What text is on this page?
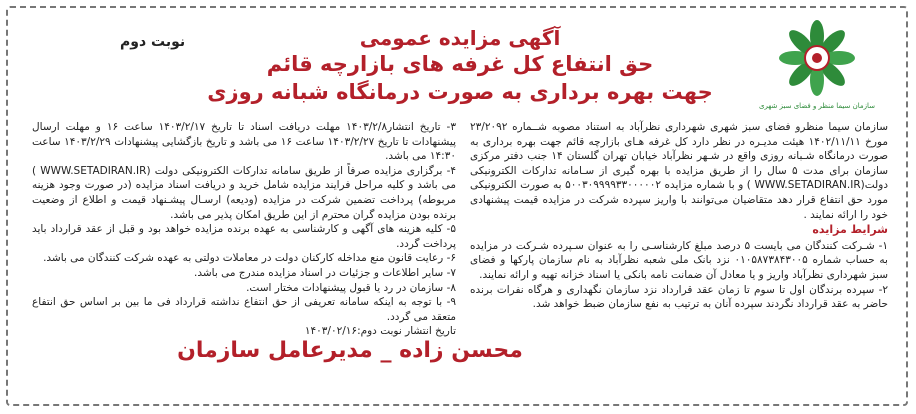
نوبت دوم
سازمان سیما منظر و فضای سبز شهری
آگهی مزایده عمومی
حق انتفاع کل غرفه های بازارچه قائم
جهت بهره برداری به صورت درمانگاه شبانه روزی

سازمان سیما منظرو فضای سبز شهری شهرداری نظرآباد به استناد مصوبه شــماره ۲۳/۲۰۹۲ مورخ ۱۴۰۲/۱۱/۱۱ هیئت مدیـره در نظر دارد کل غرفه هـای بازارچه قائم جهت بهره برداری به صورت درمانگاه شـبانه روزی واقع در شـهر نظرآباد خیابان تهران گلستان ۱۴ جنب دفتر مرکزی سازمان برای مدت ۵ سال را از طریق مزایده با بهره گیری از سـامانه تدارکات الکترونیکی دولت(WWW.SETADIRAN.IR ) و با شماره مزایده ۵۰۰۳۰۹۹۹۹۳۳۰۰۰۰۰۲ به صورت الکترونیکی مورد حق انتفاع قرار دهد متقاضیان می‌توانند با واریز سپرده شرکت در مزایده قیمت پیشنهادی خود را ارائه نمایند .

شرایط مزایده

۱- شـرکت کنندگان می بایست ۵ درصد مبلغ کارشناسـی را به عنوان سـپرده شـرکت در مزایده به حساب شماره ۰۱۰۵۸۷۳۸۴۳۰۰۵ نزد بانک ملی شعبه نظرآباد به نام سازمان پارکها و فضای سبز شهرداری نظرآباد واریز و یا معادل آن ضمانت نامه بانکی یا اسناد خزانه تهیه و ارائه نمایند.

۲- سپرده برندگان اول تا سوم تا زمان عقد قرارداد نزد سازمان نگهداری و هرگاه نفرات برنده حاضر به عقد قرارداد نگردند سپرده آنان به ترتیب به نفع سازمان ضبط خواهد شد.

۳- تاریخ انتشار۱۴۰۳/۲/۸ مهلت دریافت اسناد تا تاریخ ۱۴۰۳/۲/۱۷ ساعت ۱۶ و مهلت ارسال پیشنهادات تا تاریخ ۱۴۰۳/۲/۲۷ ساعت ۱۶ می باشد و تاریخ بازگشایی پیشنهادات ۱۴۰۳/۲/۲۹ ساعت ۱۴:۳۰ می باشد.

۴- برگزاری مزایده صرفاً از طریق سامانه تدارکات الکترونیکی دولت (WWW.SETADIRAN.IR ) می باشد و کلیه مراحل فرایند مزایده شامل خرید و دریافت اسناد مزایده (در صورت وجود هزینه مربوطه) پرداخت تضمین شرکت در مزایده (ودیعه) ارسـال پیشـنهاد قیمت و اطلاع از وضعیت برنده بودن مزایده گران محترم از این طریق امکان پذیر می باشد.

۵- کلیه هزینه های آگهی و کارشناسی به عهده برنده مزایده خواهد بود و قبل از عقد قرارداد باید پرداخت گردد.

۶- رعایت قانون منع مداخله کارکنان دولت در معاملات دولتی به عهده شرکت کنندگان می باشد.

۷- سایر اطلاعات و جزئیات در اسناد مزایده مندرج می باشد.

۸- سازمان در رد یا قبول پیشنهادات مختار است.

۹- با توجه به اینکه سامانه تعریفی از حق انتفاع نداشته قرارداد فی ما بین بر اساس حق انتفاع متعقد می گردد.

تاریخ انتشار نوبت دوم:۱۴۰۳/۰۲/۱۶

محسن زاده _ مدیرعامل سازمان
